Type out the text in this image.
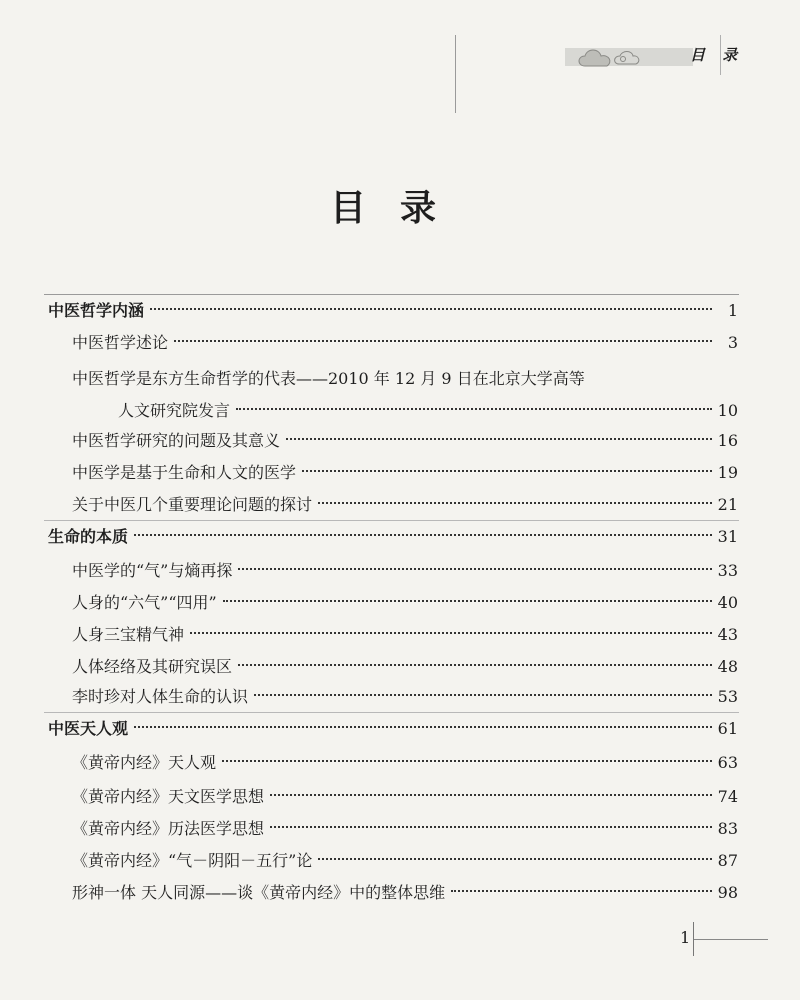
目 录
目录
中医哲学内涵	1
中医哲学述论	3
中医哲学是东方生命哲学的代表——2010 年 12 月 9 日在北京大学高等
人文研究院发言	10
中医哲学研究的问题及其意义	16
中医学是基于生命和人文的医学	19
关于中医几个重要理论问题的探讨	21
生命的本质	31
中医学的“气”与熵再探	33
人身的“六气”“四用”	40
人身三宝精气神	43
人体经络及其研究误区	48
李时珍对人体生命的认识	53
中医天人观	61
《黄帝内经》天人观	63
《黄帝内经》天文医学思想	74
《黄帝内经》历法医学思想	83
《黄帝内经》“气－阴阳－五行”论	87
形神一体 天人同源——谈《黄帝内经》中的整体思维	98
1
